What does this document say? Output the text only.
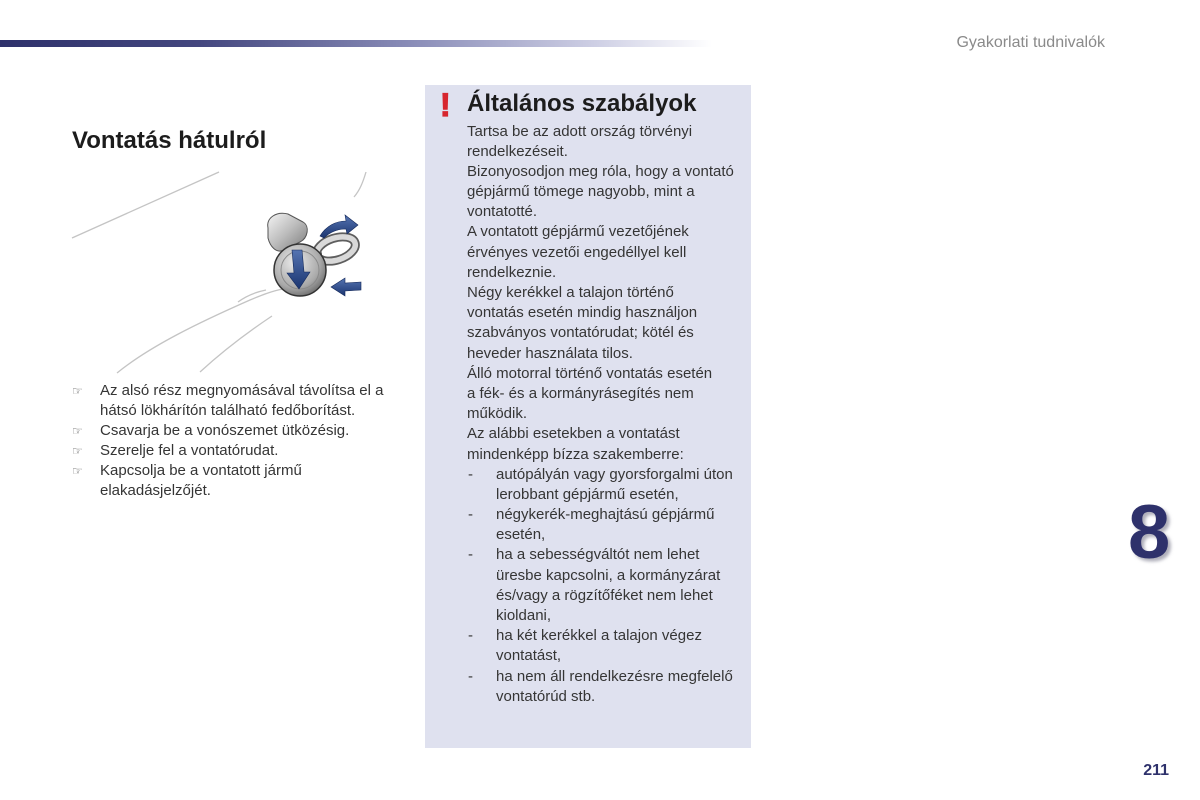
Gyakorlati tudnivalók
Vontatás hátulról
☞ Az alsó rész megnyomásával távolítsa el a
hátsó lökhárítón található fedőborítást.
☞ Csavarja be a vonószemet ütközésig.
☞ Szerelje fel a vontatórudat.
☞ Kapcsolja be a vontatott jármű
elakadásjelzőjét.
! Általános szabályok
Tartsa be az adott ország törvényi
rendelkezéseit.
Bizonyosodjon meg róla, hogy a vontató
gépjármű tömege nagyobb, mint a
vontatotté.
A vontatott gépjármű vezetőjének
érvényes vezetői engedéllyel kell
rendelkeznie.
Négy kerékkel a talajon történő
vontatás esetén mindig használjon
szabványos vontatórudat; kötél és
heveder használata tilos.
Álló motorral történő vontatás esetén
a fék- és a kormányrásegítés nem
működik.
Az alábbi esetekben a vontatást
mindenképp bízza szakemberre:
- autópályán vagy gyorsforgalmi úton
lerobbant gépjármű esetén,
- négykerék-meghajtású gépjármű
esetén,
- ha a sebességváltót nem lehet
üresbe kapcsolni, a kormányzárat
és/vagy a rögzítőféket nem lehet
kioldani,
- ha két kerékkel a talajon végez
vontatást,
- ha nem áll rendelkezésre megfelelő
vontatórúd stb.
8
211
